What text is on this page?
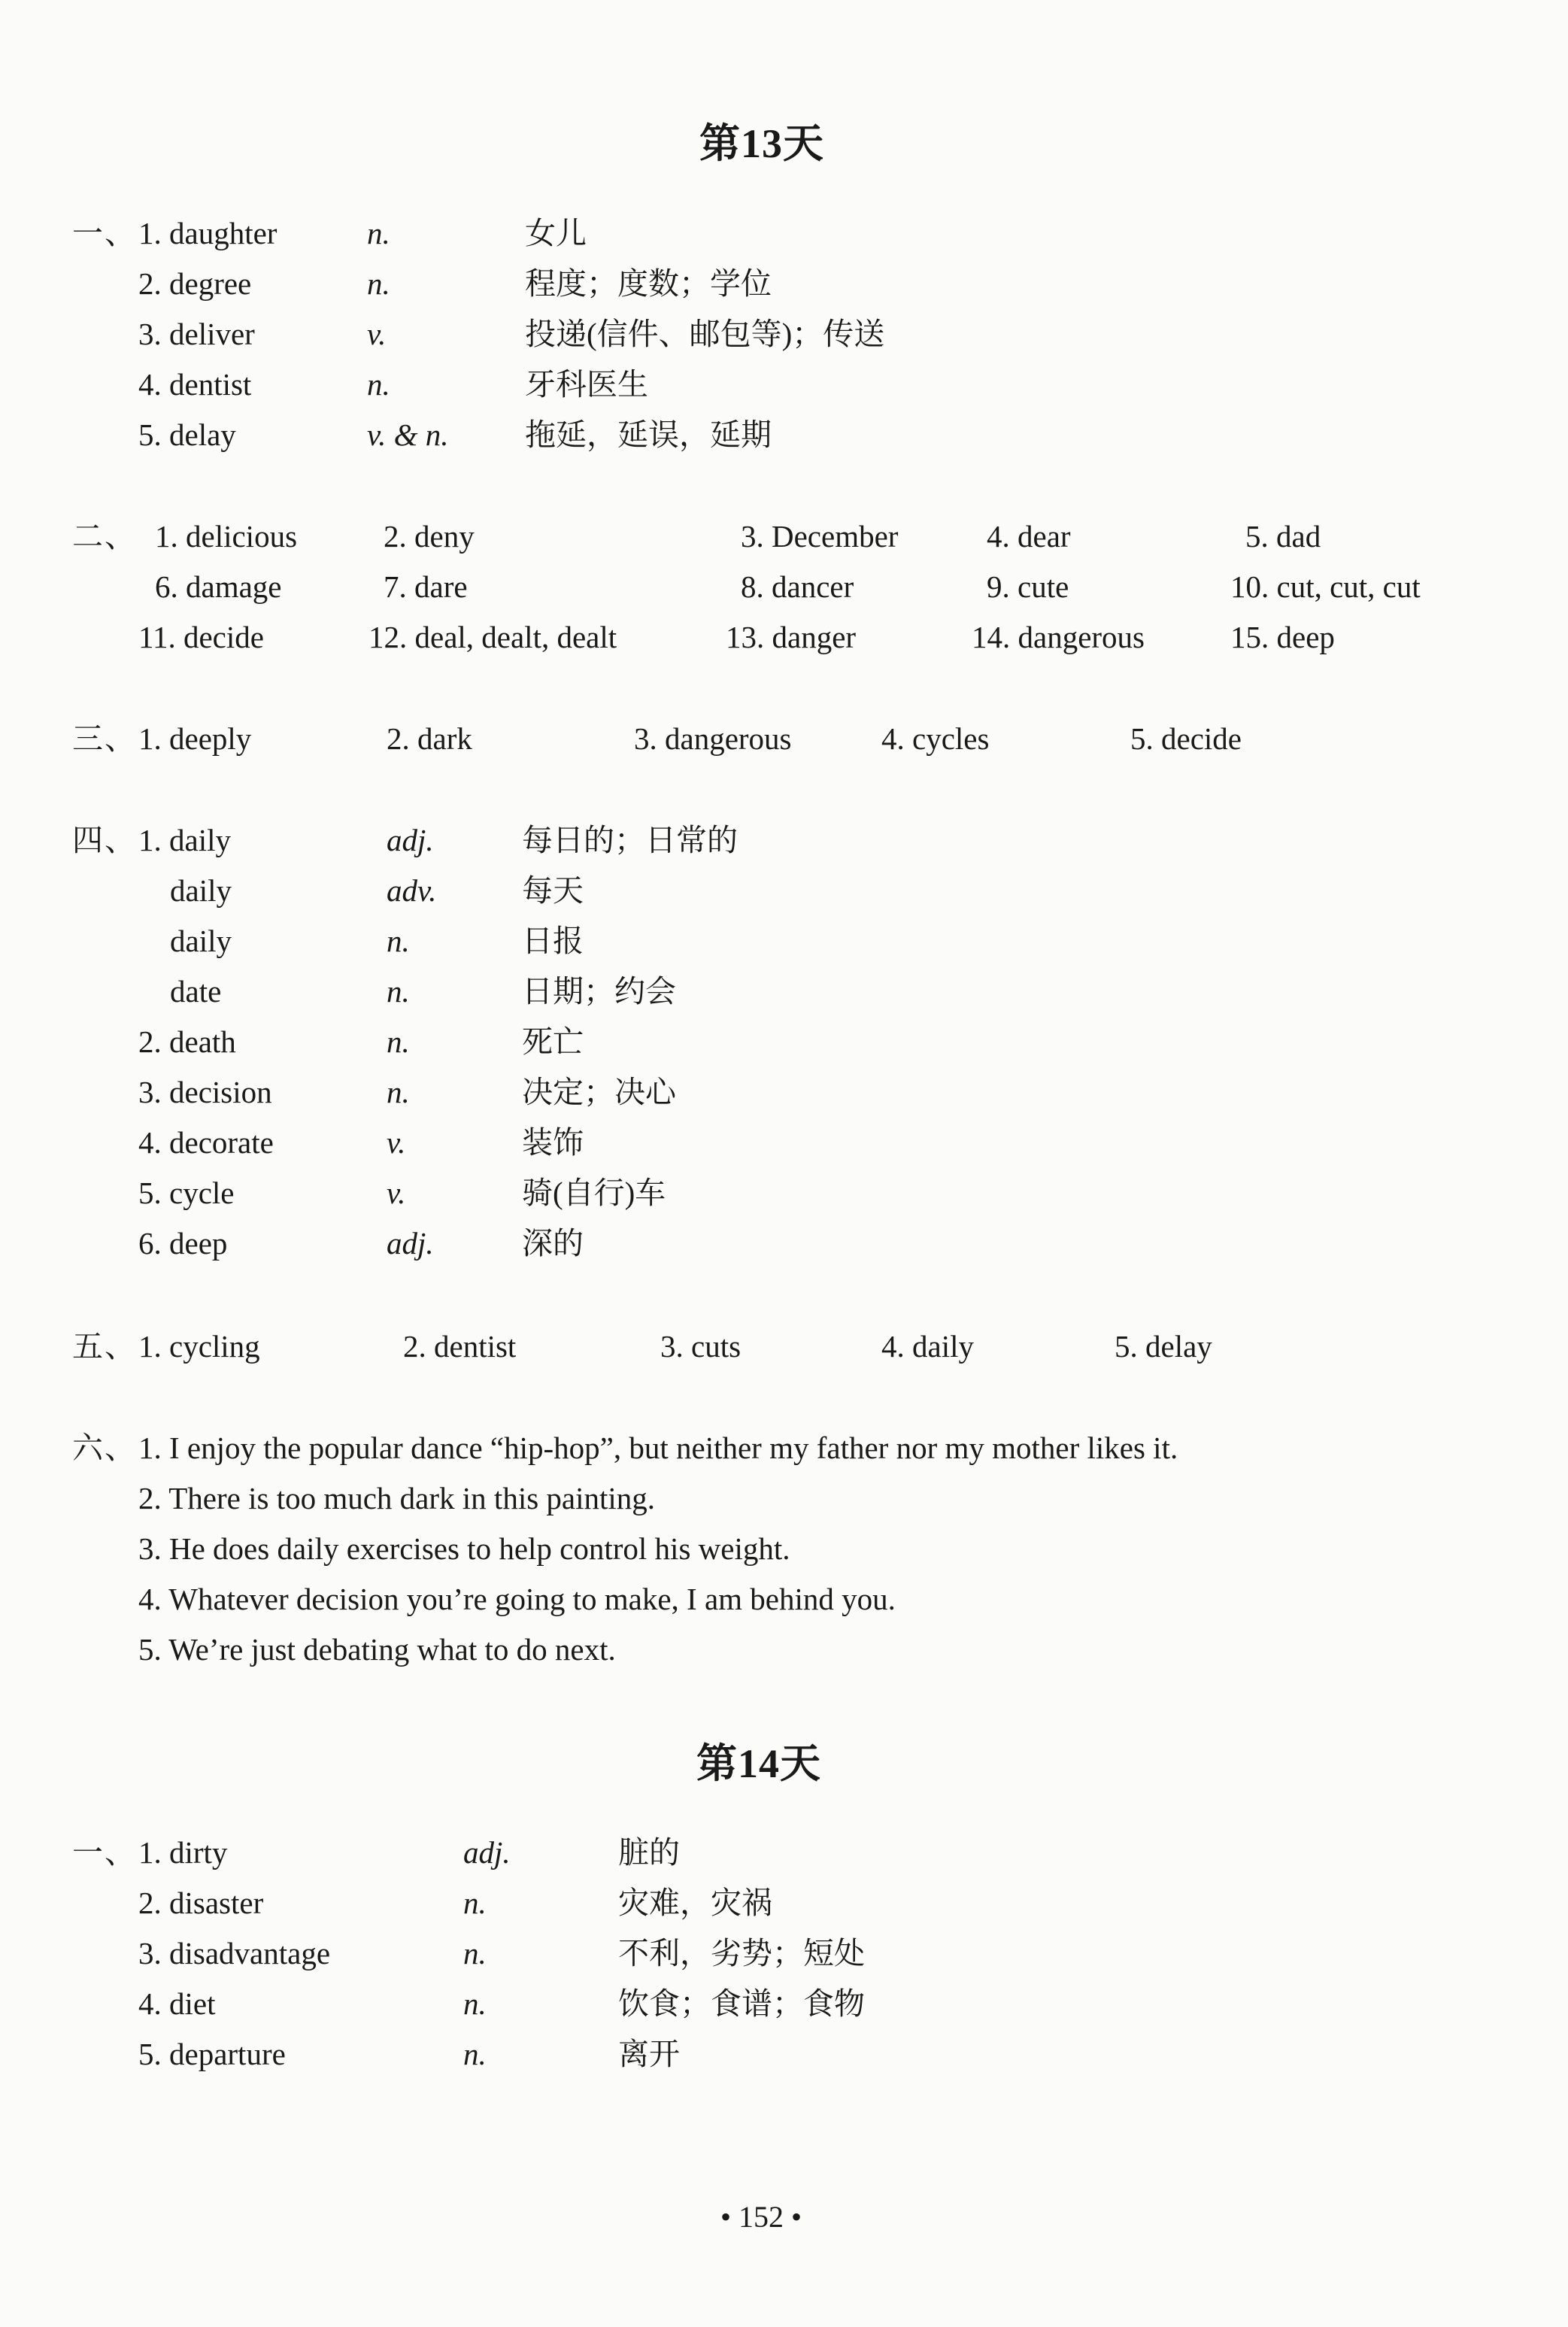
第13天
一、 1. daughter	n.	女儿
2. degree	n.	程度；度数；学位
3. deliver	v.	投递(信件、邮包等)；传送
4. dentist	n.	牙科医生
5. delay	v. & n. 拖延，延误，延期
二、 1. delicious	2. deny	3. December	4. dear	5. dad
6. damage	7. dare	8. dancer	9. cute	10. cut, cut, cut
11. decide	12. deal, dealt, dealt	13. danger	14. dangerous	15. deep
三、 1. deeply	2. dark	3. dangerous	4. cycles	5. decide
四、 1. daily	adj.	每日的；日常的
daily	adv.	每天
daily	n.	日报
date	n.	日期；约会
2. death	n.	死亡
3. decision	n.	决定；决心
4. decorate	v.	装饰
5. cycle	v.	骑(自行)车
6. deep	adj.	深的
五、 1. cycling	2. dentist	3. cuts	4. daily	5. delay
六、 1. I enjoy the popular dance “hip-hop”, but neither my father nor my mother likes it.
2. There is too much dark in this painting.
3. He does daily exercises to help control his weight.
4. Whatever decision you’re going to make, I am behind you.
5. We’re just debating what to do next.
第14天
一、 1. dirty	adj.	脏的
2. disaster	n.	灾难，灾祸
3. disadvantage	n.	不利，劣势；短处
4. diet	n.	饮食；食谱；食物
5. departure	n.	离开
• 152 •
